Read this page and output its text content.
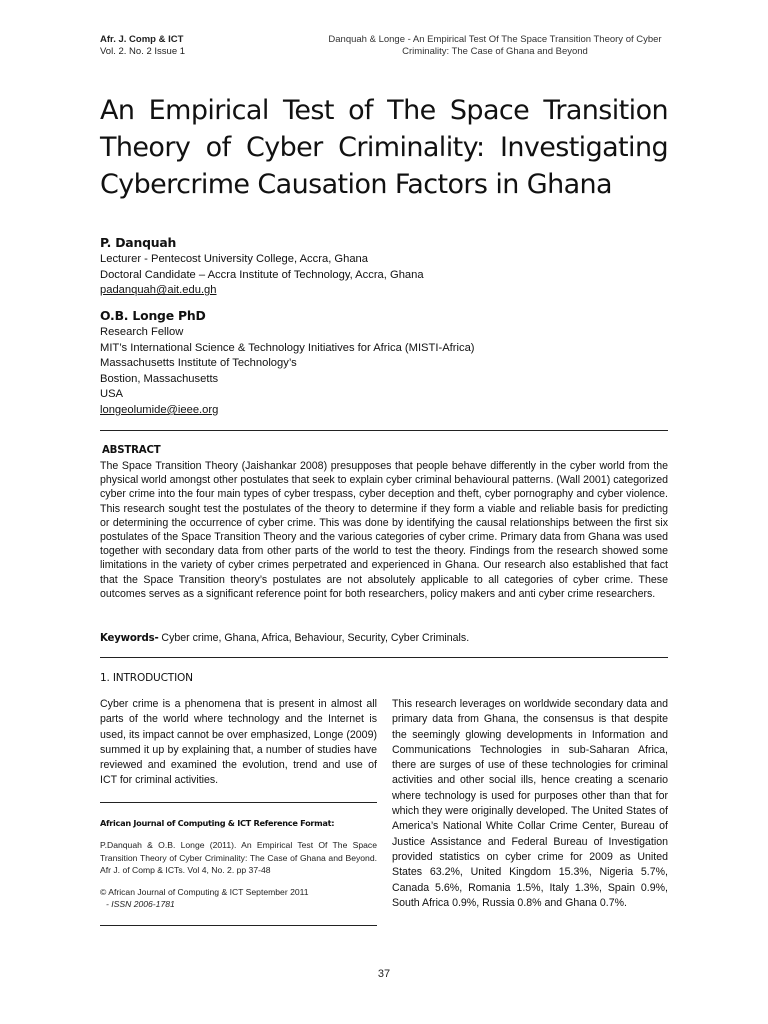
Afr. J. Comp & ICT
Vol. 2. No. 2 Issue 1
Danquah & Longe - An Empirical Test Of The Space Transition Theory of Cyber
Criminality: The Case of Ghana and Beyond
An Empirical Test of The Space Transition Theory of Cyber Criminality: Investigating Cybercrime Causation Factors in Ghana
P. Danquah
Lecturer - Pentecost University College, Accra, Ghana
Doctoral Candidate – Accra Institute of Technology, Accra, Ghana
padanquah@ait.edu.gh
O.B. Longe PhD
Research Fellow
MIT’s International Science & Technology Initiatives for Africa (MISTI-Africa)
Massachusetts Institute of Technology’s
Bostion, Massachusetts
USA
longeolumide@ieee.org
ABSTRACT

The Space Transition Theory (Jaishankar 2008) presupposes that people behave differently in the cyber world from the physical world amongst other postulates that seek to explain cyber criminal behavioural patterns. (Wall 2001) categorized cyber crime into the four main types of cyber trespass, cyber deception and theft, cyber pornography and cyber violence. This research sought test the postulates of the theory to determine if they form a viable and reliable basis for predicting or determining the occurrence of cyber crime. This was done by identifying the causal relationships between the first six postulates of the Space Transition Theory and the various categories of cyber crime. Primary data from Ghana was used together with secondary data from other parts of the world to test the theory. Findings from the research showed some limitations in the variety of cyber crimes perpetrated and experienced in Ghana. Our research also established that fact that the Space Transition theory’s postulates are not absolutely applicable to all categories of cyber crime. These outcomes serves as a significant reference point for both researchers, policy makers and anti cyber crime researchers.

Keywords- Cyber crime, Ghana, Africa, Behaviour, Security, Cyber Criminals.
1. INTRODUCTION

Cyber crime is a phenomena that is present in almost all parts of the world where technology and the Internet is used, its impact cannot be over emphasized, Longe (2009) summed it up by explaining that, a number of studies have reviewed and examined the evolution, trend and use of ICT for criminal activities.

This research leverages on worldwide secondary data and primary data from Ghana, the consensus is that despite the seemingly glowing developments in Information and Communications Technologies in sub-Saharan Africa, there are surges of use of these technologies for criminal activities and other social ills, hence creating a scenario where technology is used for purposes other than that for which they were originally developed. The United States of America’s National White Collar Crime Center, Bureau of Justice Assistance and Federal Bureau of Investigation provided statistics on cyber crime for 2009 as United States 63.2%, United Kingdom 15.3%, Nigeria 5.7%, Canada 5.6%, Romania 1.5%, Italy 1.3%, Spain 0.9%, South Africa 0.9%, Russia 0.8% and Ghana 0.7%.

African Journal of Computing & ICT Reference Format:

P.Danquah & O.B. Longe (2011). An Empirical Test Of The Space Transition Theory of Cyber Criminality: The Case of Ghana and Beyond. Afr J. of Comp & ICTs. Vol 4, No. 2. pp 37-48

© African Journal of Computing & ICT September 2011
- ISSN 2006-1781
37
